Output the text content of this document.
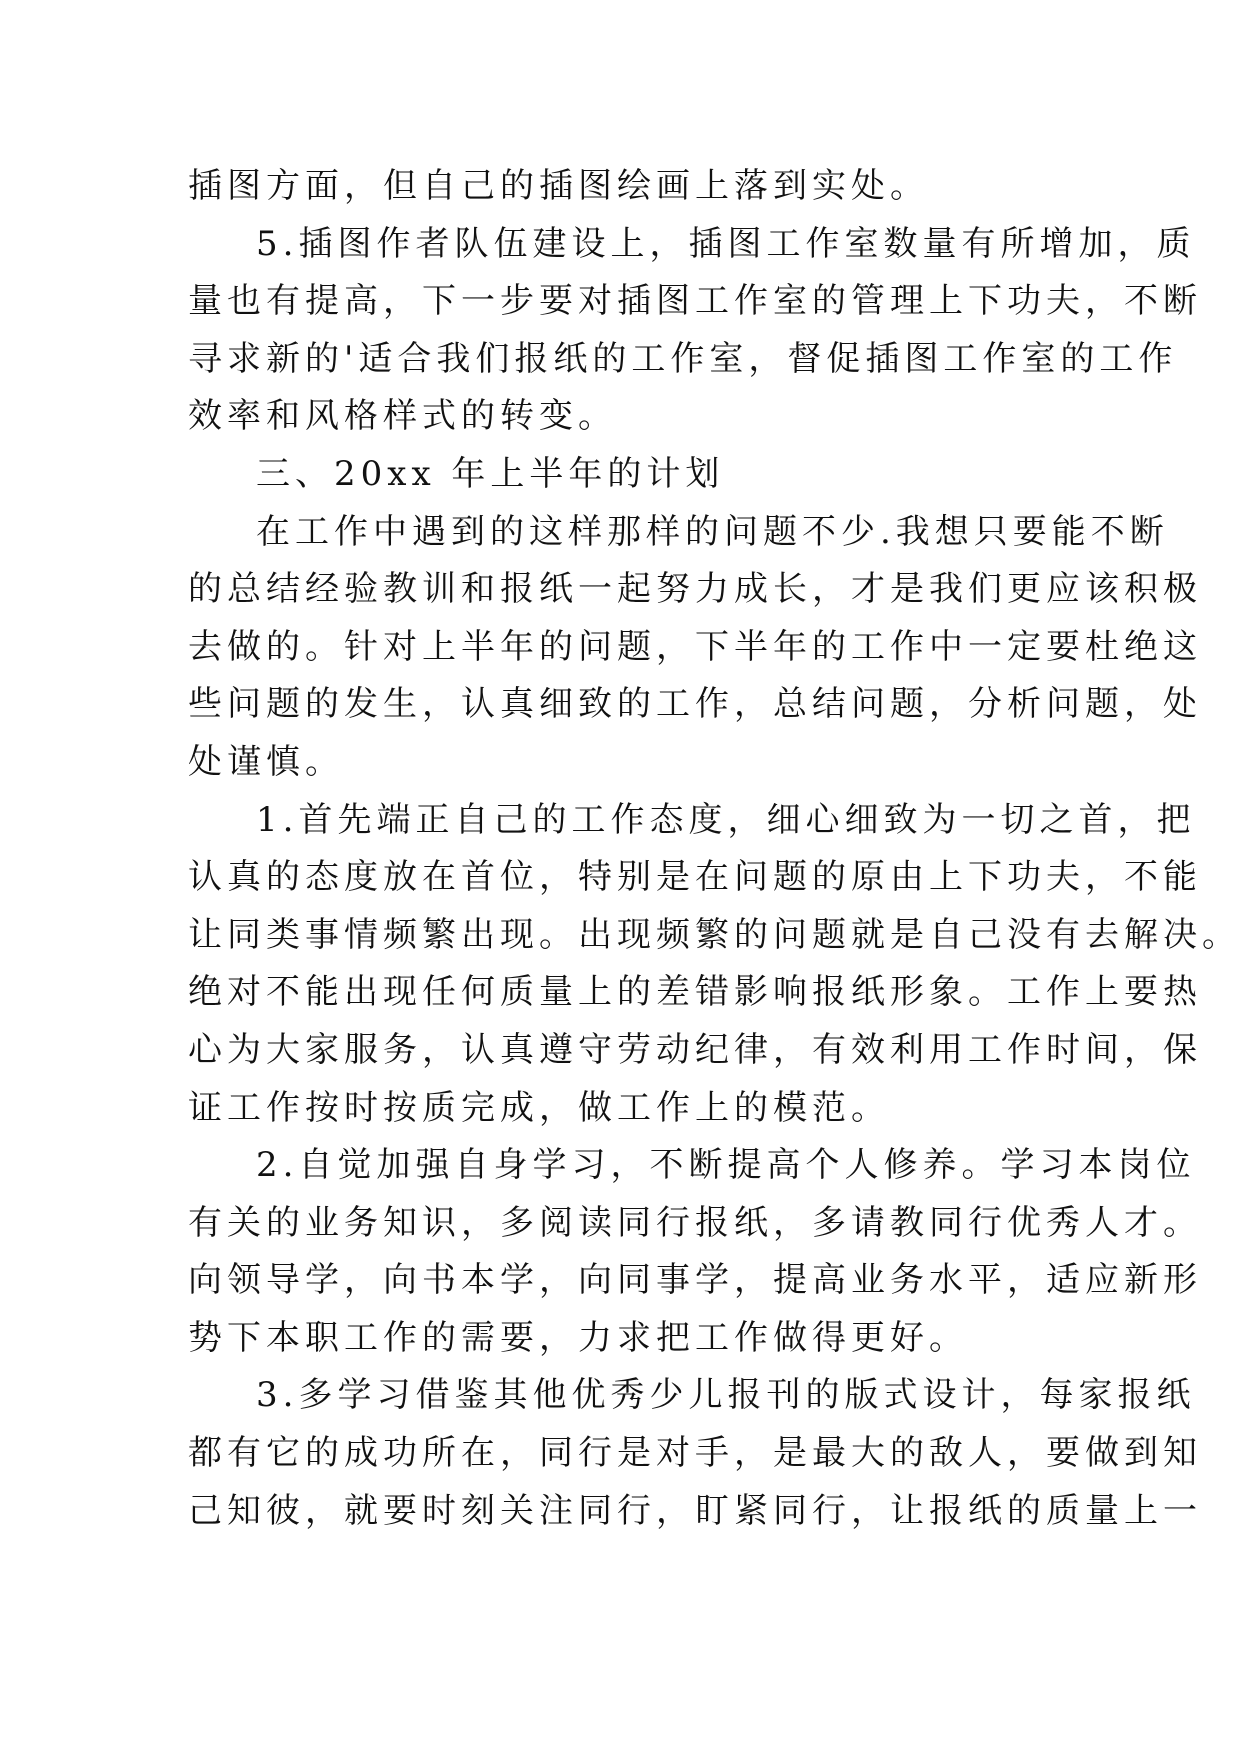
插图方面，但自己的插图绘画上落到实处。
5.插图作者队伍建设上，插图工作室数量有所增加，质
量也有提高，下一步要对插图工作室的管理上下功夫，不断
寻求新的'适合我们报纸的工作室，督促插图工作室的工作
效率和风格样式的转变。
三、20xx 年上半年的计划
在工作中遇到的这样那样的问题不少.我想只要能不断
的总结经验教训和报纸一起努力成长，才是我们更应该积极
去做的。针对上半年的问题，下半年的工作中一定要杜绝这
些问题的发生，认真细致的工作，总结问题，分析问题，处
处谨慎。
1.首先端正自己的工作态度，细心细致为一切之首，把
认真的态度放在首位，特别是在问题的原由上下功夫，不能
让同类事情频繁出现。出现频繁的问题就是自己没有去解决。
绝对不能出现任何质量上的差错影响报纸形象。工作上要热
心为大家服务，认真遵守劳动纪律，有效利用工作时间，保
证工作按时按质完成，做工作上的模范。
2.自觉加强自身学习，不断提高个人修养。学习本岗位
有关的业务知识，多阅读同行报纸，多请教同行优秀人才。
向领导学，向书本学，向同事学，提高业务水平，适应新形
势下本职工作的需要，力求把工作做得更好。
3.多学习借鉴其他优秀少儿报刊的版式设计，每家报纸
都有它的成功所在，同行是对手，是最大的敌人，要做到知
己知彼，就要时刻关注同行，盯紧同行，让报纸的质量上一
